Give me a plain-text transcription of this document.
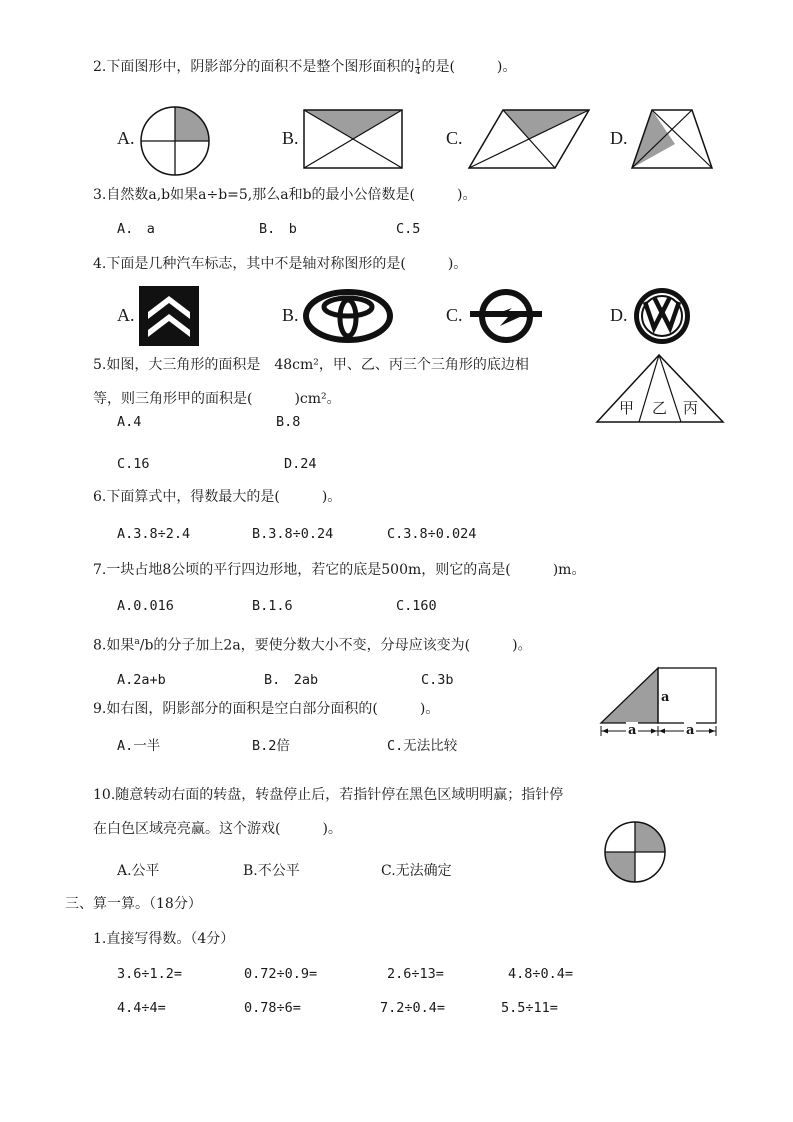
2.下面图形中，阴影部分的面积不是整个图形面积的 $\frac{1}{4}$ 的是(　　　)。
A.	B.	C.	D.
3.自然数a,b如果a÷b=5,那么a和b的最小公倍数是(　　　)。
A.　a	B.　b	C.5
4.下面是几种汽车标志，其中不是轴对称图形的是(　　　)。
A.	B.	C.	D.
5.如图，大三角形的面积是　48cm²，甲、乙、丙三个三角形的底边相
等，则三角形甲的面积是(　　　)cm²。
A.4	B.8
C.16	D.24
甲 乙 丙
6.下面算式中，得数最大的是(　　　)。
A.3.8÷2.4	B.3.8÷0.24	C.3.8÷0.024
7.一块占地8公顷的平行四边形地，若它的底是500m，则它的高是(　　　)m。
A.0.016	B.1.6	C.160
8.如果$^a$/b的分子加上2a，要使分数大小不变，分母应该变为(　　　)。
A.2a+b	B.　2ab	C.3b
9.如右图，阴影部分的面积是空白部分面积的(　　　)。
A.一半	B.2倍	C.无法比较
a
a	a
10.随意转动右面的转盘，转盘停止后，若指针停在黑色区域明明赢；指针停
在白色区域亮亮赢。这个游戏(　　　)。
A.公平	B.不公平	C.无法确定
三、算一算。（18分）
1.直接写得数。（4分）
3.6÷1.2=	0.72÷0.9=	2.6÷13=	4.8÷0.4=
4.4÷4=	0.78÷6=	7.2÷0.4=	5.5÷11=
